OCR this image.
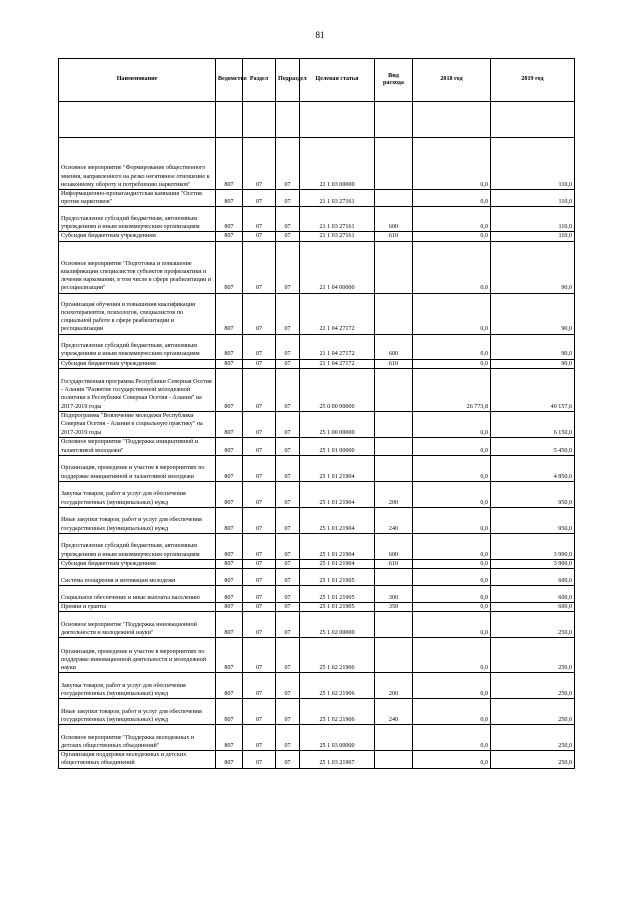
81
Наименование	Ведомство	Раздел	Подраздел	Целевая статья	Вид расхода	2018 год	2019 год

Основное мероприятие "Формирование общественного мнения, направленного на резко негативное отношение к незаконному обороту и потреблению наркотиков"	807	07	07	21 1 03 00000		0,0	110,0
Информационно-пропагандистская кампания "Осетия против наркотиков"	807	07	07	21 1 03 27161		0,0	110,0
Предоставление субсидий бюджетным, автономным учреждениям и иным некоммерческим организациям	807	07	07	21 1 03 27161	600	0,0	110,0
Субсидии бюджетным учреждениям	807	07	07	21 1 03 27161	610	0,0	110,0
Основное мероприятие "Подготовка и повышение квалификации специалистов субъектов профилактики и лечения наркомании, в том числе в сфере реабилитации и ресоциализации"	807	07	07	21 1 04 00000		0,0	90,0
Организация обучения и повышения квалификации психотерапевтов, психологов, специалистов по социальной работе в сфере реабилитации и ресоциализации	807	07	07	21 1 04 27172		0,0	90,0
Предоставление субсидий бюджетным, автономным учреждениям и иным некоммерческим организациям	807	07	07	21 1 04 27172	600	0,0	90,0
Субсидии бюджетным учреждениям	807	07	07	21 1 04 27172	610	0,0	90,0
Государственная программа Республики Северная Осетия - Алания "Развитие государственной молодежной политики в Республике Северная Осетия - Алания" на 2017-2019 годы	807	07	07	25 0 00 00000		26 773,8	40 157,6
Подпрограмма "Вовлечение молодежи Республики Северная Осетия - Алания в социальную практику" на 2017-2019 годы	807	07	07	25 1 00 00000		0,0	6 150,0
Основное мероприятие "Поддержка инициативной и талантливой молодежи"	807	07	07	25 1 01 00000		0,0	5 450,0
Организация, проведение и участие в мероприятиях по поддержке инициативной и талантливой молодежи	807	07	07	25 1 01 21904		0,0	4 850,0
Закупка товаров, работ и услуг для обеспечения государственных (муниципальных) нужд	807	07	07	25 1 01 21904	200	0,0	950,0
Иные закупки товаров, работ и услуг для обеспечения государственных (муниципальных) нужд	807	07	07	25 1 01 21904	240	0,0	950,0
Предоставление субсидий бюджетным, автономным учреждениям и иным некоммерческим организациям	807	07	07	25 1 01 21904	600	0,0	3 900,0
Субсидии бюджетным учреждениям	807	07	07	25 1 01 21904	610	0,0	3 900,0
Система поощрения и мотивации молодежи	807	07	07	25 1 01 21905		0,0	600,0
Социальное обеспечение и иные выплаты населению	807	07	07	25 1 01 21905	300	0,0	600,0
Премии и гранты	807	07	07	25 1 01 21905	350	0,0	600,0
Основное мероприятие "Поддержка инновационной деятельности и молодежной науки"	807	07	07	25 1 02 00000		0,0	250,0
Организация, проведение и участие в мероприятиях по поддержке инновационной деятельности и молодежной науки	807	07	07	25 1 02 21906		0,0	250,0
Закупка товаров, работ и услуг для обеспечения государственных (муниципальных) нужд	807	07	07	25 1 02 21906	200	0,0	250,0
Иные закупки товаров, работ и услуг для обеспечения государственных (муниципальных) нужд	807	07	07	25 1 02 21906	240	0,0	250,0
Основное мероприятие "Поддержка молодежных и детских общественных объединений"	807	07	07	25 1 03 00000		0,0	250,0
Организация поддержки молодежных и детских общественных объединений	807	07	07	25 1 03 21907		0,0	250,0
